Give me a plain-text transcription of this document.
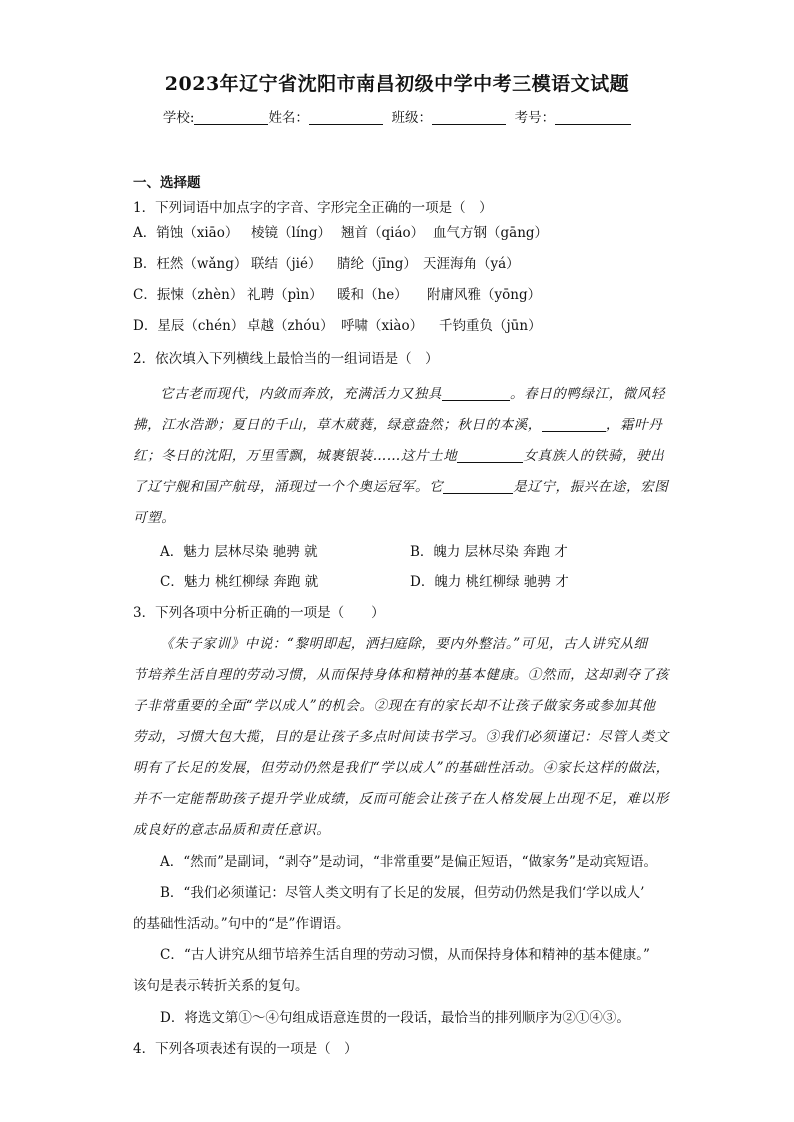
2023年辽宁省沈阳市南昌初级中学中考三模语文试题
学校:	姓名：	班级：	考号：
一、选择题
1．下列词语中加点字的字音、字形完全正确的一项是（　）
A．销蚀（xiāo） 棱镜（líng） 翘首（qiáo） 血气方钢（gāng）
B．枉然（wǎng） 联结（jié） 腈纶（jīng） 天涯海角（yá）
C．振悚（zhèn） 礼聘（pìn） 暖和（he） 附庸风雅（yōng）
D．星辰（chén） 卓越（zhóu） 呼啸（xiào） 千钧重负（jūn）
2．依次填入下列横线上最恰当的一组词语是（　）
它古老而现代，内敛而奔放，充满活力又独具	。春日的鸭绿江，微风轻
拂，江水浩渺；夏日的千山，草木葳蕤，绿意盎然；秋日的本溪，	，霜叶丹
红；冬日的沈阳，万里雪飘，城裹银装……这片土地	女真族人的铁骑，驶出
了辽宁舰和国产航母，涌现过一个个奥运冠军。它	是辽宁，振兴在途，宏图
可塑。
A．魅力 层林尽染 驰骋 就	B．魄力 层林尽染 奔跑 才
C．魅力 桃红柳绿 奔跑 就	D．魄力 桃红柳绿 驰骋 才
3．下列各项中分析正确的一项是（　　）
《朱子家训》中说：“黎明即起，洒扫庭除，要内外整洁。”可见，古人讲究从细
节培养生活自理的劳动习惯，从而保持身体和精神的基本健康。①然而，这却剥夺了孩
子非常重要的全面“学以成人”的机会。②现在有的家长却不让孩子做家务或参加其他
劳动，习惯大包大揽，目的是让孩子多点时间读书学习。③我们必须谨记：尽管人类文
明有了长足的发展，但劳动仍然是我们“学以成人”的基础性活动。④家长这样的做法，
并不一定能帮助孩子提升学业成绩，反而可能会让孩子在人格发展上出现不足，难以形
成良好的意志品质和责任意识。
A．“然而”是副词，“剥夺”是动词，“非常重要”是偏正短语，“做家务”是动宾短语。
B．“我们必须谨记：尽管人类文明有了长足的发展，但劳动仍然是我们‘学以成人’
的基础性活动。”句中的“是”作谓语。
C．“古人讲究从细节培养生活自理的劳动习惯，从而保持身体和精神的基本健康。”
该句是表示转折关系的复句。
D．将选文第①～④句组成语意连贯的一段话，最恰当的排列顺序为②①④③。
4．下列各项表述有误的一项是（　）
